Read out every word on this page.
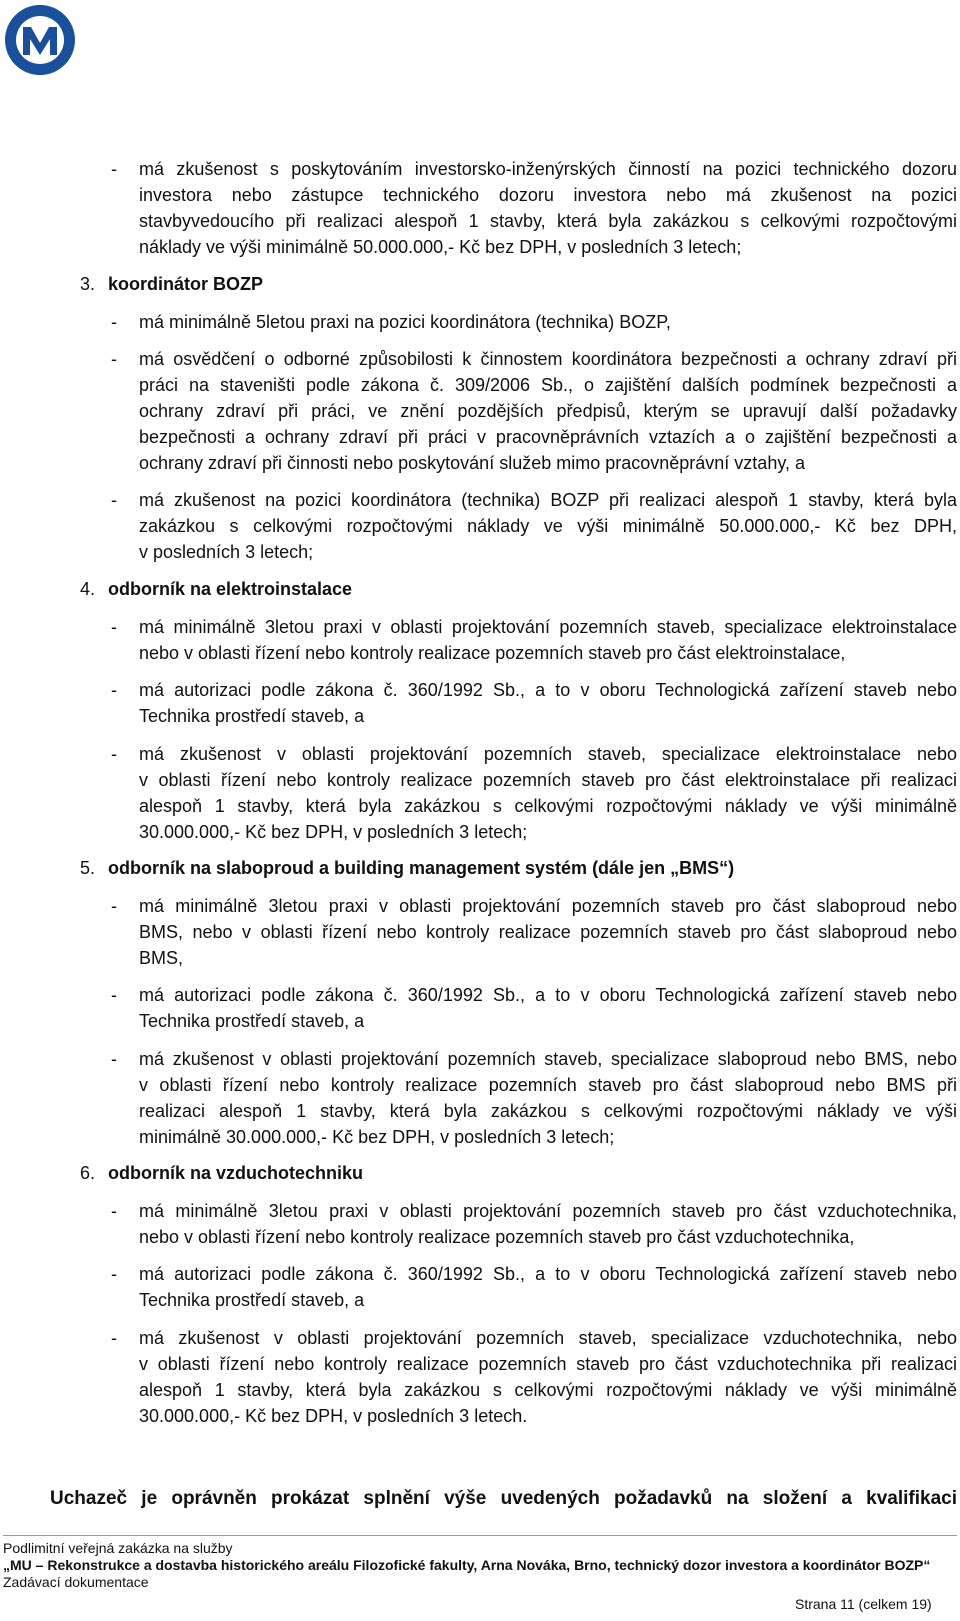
- má zkušenost s poskytováním investorsko-inženýrských činností na pozici technického dozoru
investora nebo zástupce technického dozoru investora nebo má zkušenost na pozici
stavbyvedoucího při realizaci alespoň 1 stavby, která byla zakázkou s celkovými rozpočtovými
náklady ve výši minimálně 50.000.000,- Kč bez DPH, v posledních 3 letech;
3. koordinátor BOZP
- má minimálně 5letou praxi na pozici koordinátora (technika) BOZP,
- má osvědčení o odborné způsobilosti k činnostem koordinátora bezpečnosti a ochrany zdraví při
práci na staveništi podle zákona č. 309/2006 Sb., o zajištění dalších podmínek bezpečnosti a
ochrany zdraví při práci, ve znění pozdějších předpisů, kterým se upravují další požadavky
bezpečnosti a ochrany zdraví při práci v pracovněprávních vztazích a o zajištění bezpečnosti a
ochrany zdraví při činnosti nebo poskytování služeb mimo pracovněprávní vztahy, a
- má zkušenost na pozici koordinátora (technika) BOZP při realizaci alespoň 1 stavby, která byla
zakázkou s celkovými rozpočtovými náklady ve výši minimálně 50.000.000,- Kč bez DPH,
v posledních 3 letech;
4. odborník na elektroinstalace
- má minimálně 3letou praxi v oblasti projektování pozemních staveb, specializace elektroinstalace
nebo v oblasti řízení nebo kontroly realizace pozemních staveb pro část elektroinstalace,
- má autorizaci podle zákona č. 360/1992 Sb., a to v oboru Technologická zařízení staveb nebo
Technika prostředí staveb, a
- má zkušenost v oblasti projektování pozemních staveb, specializace elektroinstalace nebo
v oblasti řízení nebo kontroly realizace pozemních staveb pro část elektroinstalace při realizaci
alespoň 1 stavby, která byla zakázkou s celkovými rozpočtovými náklady ve výši minimálně
30.000.000,- Kč bez DPH, v posledních 3 letech;
5. odborník na slaboproud a building management systém (dále jen „BMS“)
- má minimálně 3letou praxi v oblasti projektování pozemních staveb pro část slaboproud nebo
BMS, nebo v oblasti řízení nebo kontroly realizace pozemních staveb pro část slaboproud nebo
BMS,
- má autorizaci podle zákona č. 360/1992 Sb., a to v oboru Technologická zařízení staveb nebo
Technika prostředí staveb, a
- má zkušenost v oblasti projektování pozemních staveb, specializace slaboproud nebo BMS, nebo
v oblasti řízení nebo kontroly realizace pozemních staveb pro část slaboproud nebo BMS při
realizaci alespoň 1 stavby, která byla zakázkou s celkovými rozpočtovými náklady ve výši
minimálně 30.000.000,- Kč bez DPH, v posledních 3 letech;
6. odborník na vzduchotechniku
- má minimálně 3letou praxi v oblasti projektování pozemních staveb pro část vzduchotechnika,
nebo v oblasti řízení nebo kontroly realizace pozemních staveb pro část vzduchotechnika,
- má autorizaci podle zákona č. 360/1992 Sb., a to v oboru Technologická zařízení staveb nebo
Technika prostředí staveb, a
- má zkušenost v oblasti projektování pozemních staveb, specializace vzduchotechnika, nebo
v oblasti řízení nebo kontroly realizace pozemních staveb pro část vzduchotechnika při realizaci
alespoň 1 stavby, která byla zakázkou s celkovými rozpočtovými náklady ve výši minimálně
30.000.000,- Kč bez DPH, v posledních 3 letech.
Uchazeč je oprávněn prokázat splnění výše uvedených požadavků na složení a kvalifikaci
Podlimitní veřejná zakázka na služby
„MU – Rekonstrukce a dostavba historického areálu Filozofické fakulty, Arna Nováka, Brno, technický dozor investora a koordinátor BOZP“
Zadávací dokumentace
Strana 11 (celkem 19)
